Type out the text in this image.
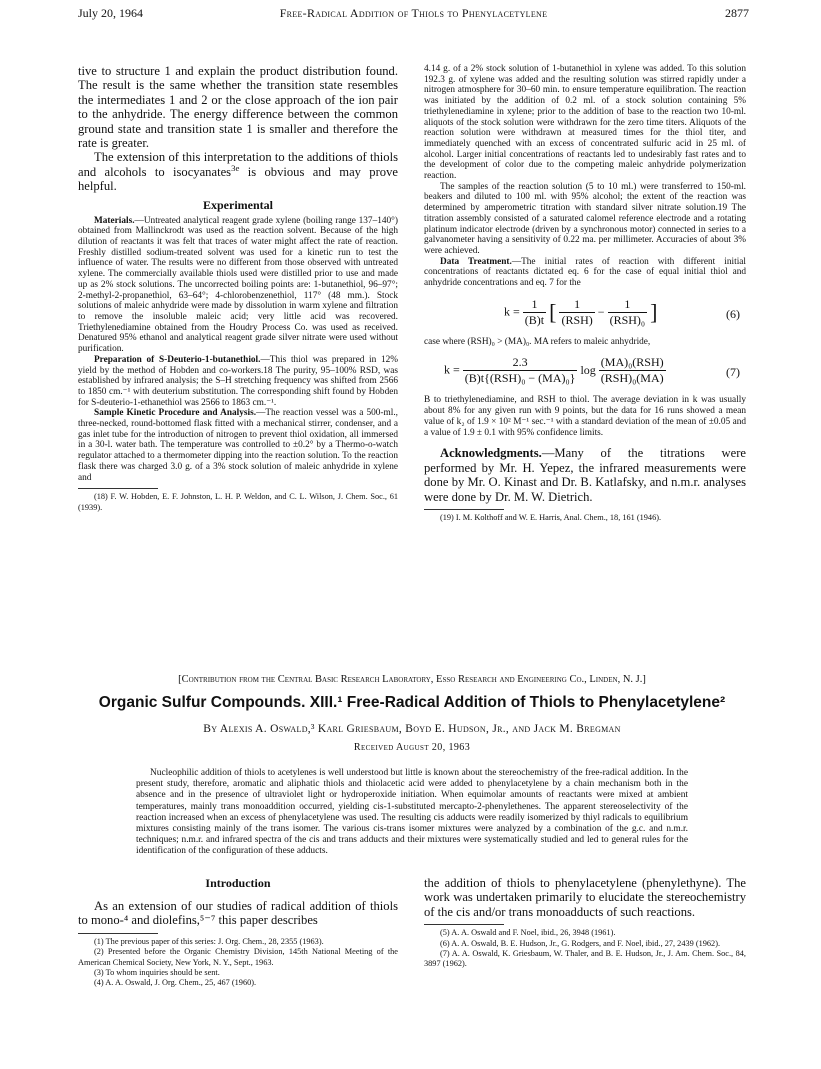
July 20, 1964	Free-Radical Addition of Thiols to Phenylacetylene	2877

tive to structure 1 and explain the product distribution found. The result is the same whether the transition state resembles the intermediates 1 and 2 or the close approach of the ion pair to the anhydride. The energy difference between the common ground state and transition state 1 is smaller and therefore the rate is greater.

The extension of this interpretation to the additions of thiols and alcohols to isocyanates$^{3e}$ is obvious and may prove helpful.

Experimental

Materials.—Untreated analytical reagent grade xylene (boiling range 137–140°) obtained from Mallinckrodt was used as the reaction solvent. Because of the high dilution of reactants it was felt that traces of water might affect the rate of reaction. Freshly distilled sodium-treated solvent was used for a kinetic run to test the influence of water. The results were no different from those observed with untreated xylene. The commercially available thiols used were distilled prior to use and made up as 2% stock solutions. The uncorrected boiling points are: 1-butanethiol, 96–97°; 2-methyl-2-propanethiol, 63–64°; 4-chlorobenzenethiol, 117° (48 mm.). Stock solutions of maleic anhydride were made by dissolution in warm xylene and filtration to remove the insoluble maleic acid; very little acid was recovered. Triethylenediamine obtained from the Houdry Process Co. was used as received. Denatured 95% ethanol and analytical reagent grade silver nitrate were used without purification.

Preparation of S-Deuterio-1-butanethiol.—This thiol was prepared in 12% yield by the method of Hobden and co-workers.18 The purity, 95–100% RSD, was established by infrared analysis; the S–H stretching frequency was shifted from 2566 to 1850 cm.⁻¹ with deuterium substitution. The corresponding shift found by Hobden for S-deuterio-1-ethanethiol was 2566 to 1863 cm.⁻¹.

Sample Kinetic Procedure and Analysis.—The reaction vessel was a 500-ml., three-necked, round-bottomed flask fitted with a mechanical stirrer, condenser, and a gas inlet tube for the introduction of nitrogen to prevent thiol oxidation, all immersed in a 30-l. water bath. The temperature was controlled to ±0.2° by a Thermo-o-watch regulator attached to a thermometer dipping into the reaction solution. To the reaction flask there was charged 3.0 g. of a 3% stock solution of maleic anhydride in xylene and

(18) F. W. Hobden, E. F. Johnston, L. H. P. Weldon, and C. L. Wilson, J. Chem. Soc., 61 (1939).

4.14 g. of a 2% stock solution of 1-butanethiol in xylene was added. To this solution 192.3 g. of xylene was added and the resulting solution was stirred rapidly under a nitrogen atmosphere for 30–60 min. to ensure temperature equilibration. The reaction was initiated by the addition of 0.2 ml. of a stock solution containing 5% triethylenediamine in xylene; prior to the addition of base to the reaction two 10-ml. aliquots of the stock solution were withdrawn for the zero time titers. Aliquots of the reaction solution were withdrawn at measured times for the thiol titer, and immediately quenched with an excess of concentrated sulfuric acid in 25 ml. of alcohol. Larger initial concentrations of reactants led to undesirably fast rates and to the development of color due to the competing maleic anhydride polymerization reaction.

The samples of the reaction solution (5 to 10 ml.) were transferred to 150-ml. beakers and diluted to 100 ml. with 95% alcohol; the extent of the reaction was determined by amperometric titration with standard silver nitrate solution.19 The titration assembly consisted of a saturated calomel reference electrode and a rotating platinum indicator electrode (driven by a synchronous motor) connected in series to a galvanometer having a sensitivity of 0.22 ma. per millimeter. Accuracies of about 3% were achieved.

Data Treatment.—The initial rates of reaction with different initial concentrations of reactants dictated eq. 6 for the case of equal initial thiol and anhydride concentrations and eq. 7 for the

$k = \frac{1}{(B)t}$ [ $\frac{1}{\text{(RSH)}} - \frac{1}{\text{(RSH)₀}}$ ]	(6)

case where (RSH)₀ > (MA)₀. MA refers to maleic anhydride,

$k = \frac{2.3}{\text{(B)t\{(RSH)₀ − (MA)₀\}}}$ $\log \frac{\text{(MA)₀(RSH)}}{\text{(RSH)₀(MA)}}$	(7)

B to triethylenediamine, and RSH to thiol. The average deviation in k was usually about 8% for any given run with 9 points, but the data for 16 runs showed a mean value of k₂ of 1.9 × 10² M⁻¹ sec.⁻¹ with a standard deviation of the mean of ±0.05 and a value of 1.9 ± 0.1 with 95% confidence limits.

Acknowledgments.—Many of the titrations were performed by Mr. H. Yepez, the infrared measurements were done by Mr. O. Kinast and Dr. B. Katlafsky, and n.m.r. analyses were done by Dr. M. W. Dietrich.

(19) I. M. Kolthoff and W. E. Harris, Anal. Chem., 18, 161 (1946).

[Contribution from the Central Basic Research Laboratory, Esso Research and Engineering Co., Linden, N. J.]
Organic Sulfur Compounds. XIII.¹ Free-Radical Addition of Thiols to Phenylacetylene²
By Alexis A. Oswald,³ Karl Griesbaum, Boyd E. Hudson, Jr., and Jack M. Bregman
Received August 20, 1963

Nucleophilic addition of thiols to acetylenes is well understood but little is known about the stereochemistry of the free-radical addition. In the present study, therefore, aromatic and aliphatic thiols and thiolacetic acid were added to phenylacetylene by a chain mechanism both in the absence and in the presence of ultraviolet light or hydroperoxide initiation. When equimolar amounts of reactants were mixed at ambient temperatures, mainly trans monoaddition occurred, yielding cis-1-substituted mercapto-2-phenylethenes. The apparent stereoselectivity of the reaction increased when an excess of phenylacetylene was used. The resulting cis adducts were readily isomerized by thiyl radicals to equilibrium mixtures consisting mainly of the trans isomer. The various cis-trans isomer mixtures were analyzed by a combination of the g.c. and n.m.r. techniques; n.m.r. and infrared spectra of the cis and trans adducts and their mixtures were systematically studied and led to general rules for the identification of the configuration of these adducts.

Introduction

As an extension of our studies of radical addition of thiols to mono-⁴ and diolefins,⁵⁻⁷ this paper describes

(1) The previous paper of this series: J. Org. Chem., 28, 2355 (1963).

(2) Presented before the Organic Chemistry Division, 145th National Meeting of the American Chemical Society, New York, N. Y., Sept., 1963.

(3) To whom inquiries should be sent.

(4) A. A. Oswald, J. Org. Chem., 25, 467 (1960).

the addition of thiols to phenylacetylene (phenylethyne). The work was undertaken primarily to elucidate the stereochemistry of the cis and/or trans monoadducts of such reactions.

(5) A. A. Oswald and F. Noel, ibid., 26, 3948 (1961).

(6) A. A. Oswald, B. E. Hudson, Jr., G. Rodgers, and F. Noel, ibid., 27, 2439 (1962).

(7) A. A. Oswald, K. Griesbaum, W. Thaler, and B. E. Hudson, Jr., J. Am. Chem. Soc., 84, 3897 (1962).
